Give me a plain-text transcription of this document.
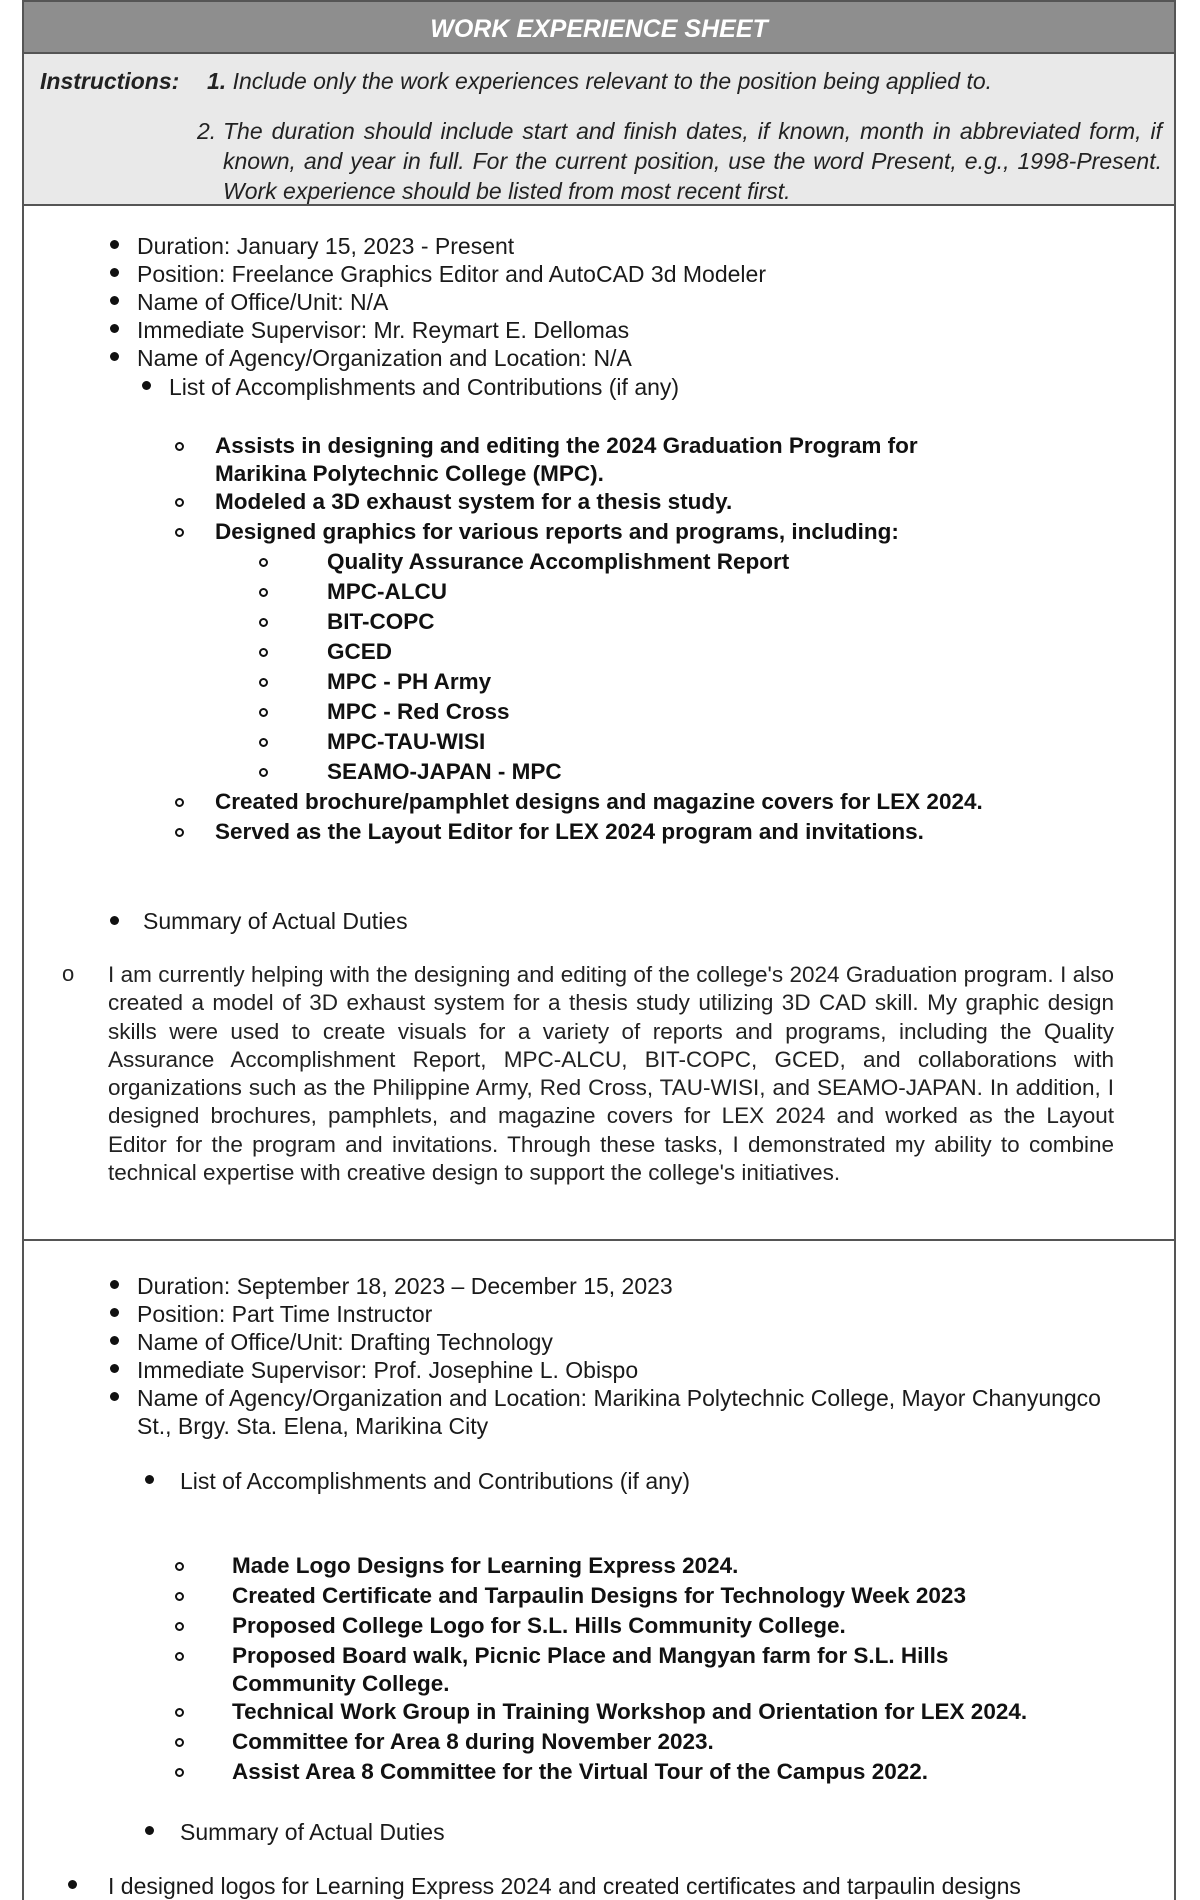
WORK EXPERIENCE SHEET
Instructions: 1. Include only the work experiences relevant to the position being applied to.
2. The duration should include start and finish dates, if known, month in abbreviated form, if known, and year in full. For the current position, use the word Present, e.g., 1998-Present. Work experience should be listed from most recent first.
Duration: January 15, 2023 - Present
Position: Freelance Graphics Editor and AutoCAD 3d Modeler
Name of Office/Unit: N/A
Immediate Supervisor: Mr. Reymart E. Dellomas
Name of Agency/Organization and Location: N/A
List of Accomplishments and Contributions (if any)
Assists in designing and editing the 2024 Graduation Program for
Marikina Polytechnic College (MPC).
Modeled a 3D exhaust system for a thesis study.
Designed graphics for various reports and programs, including:
Quality Assurance Accomplishment Report
MPC-ALCU
BIT-COPC
GCED
MPC - PH Army
MPC - Red Cross
MPC-TAU-WISI
SEAMO-JAPAN - MPC
Created brochure/pamphlet designs and magazine covers for LEX 2024.
Served as the Layout Editor for LEX 2024 program and invitations.
Summary of Actual Duties
o I am currently helping with the designing and editing of the college's 2024 Graduation program. I also created a model of 3D exhaust system for a thesis study utilizing 3D CAD skill. My graphic design skills were used to create visuals for a variety of reports and programs, including the Quality Assurance Accomplishment Report, MPC-ALCU, BIT-COPC, GCED, and collaborations with organizations such as the Philippine Army, Red Cross, TAU-WISI, and SEAMO-JAPAN. In addition, I designed brochures, pamphlets, and magazine covers for LEX 2024 and worked as the Layout Editor for the program and invitations. Through these tasks, I demonstrated my ability to combine technical expertise with creative design to support the college's initiatives.
Duration: September 18, 2023 – December 15, 2023
Position: Part Time Instructor
Name of Office/Unit: Drafting Technology
Immediate Supervisor: Prof. Josephine L. Obispo
Name of Agency/Organization and Location: Marikina Polytechnic College, Mayor Chanyungco
St., Brgy. Sta. Elena, Marikina City
List of Accomplishments and Contributions (if any)
Made Logo Designs for Learning Express 2024.
Created Certificate and Tarpaulin Designs for Technology Week 2023
Proposed College Logo for S.L. Hills Community College.
Proposed Board walk, Picnic Place and Mangyan farm for S.L. Hills
Community College.
Technical Work Group in Training Workshop and Orientation for LEX 2024.
Committee for Area 8 during November 2023.
Assist Area 8 Committee for the Virtual Tour of the Campus 2022.
Summary of Actual Duties
I designed logos for Learning Express 2024 and created certificates and tarpaulin designs
